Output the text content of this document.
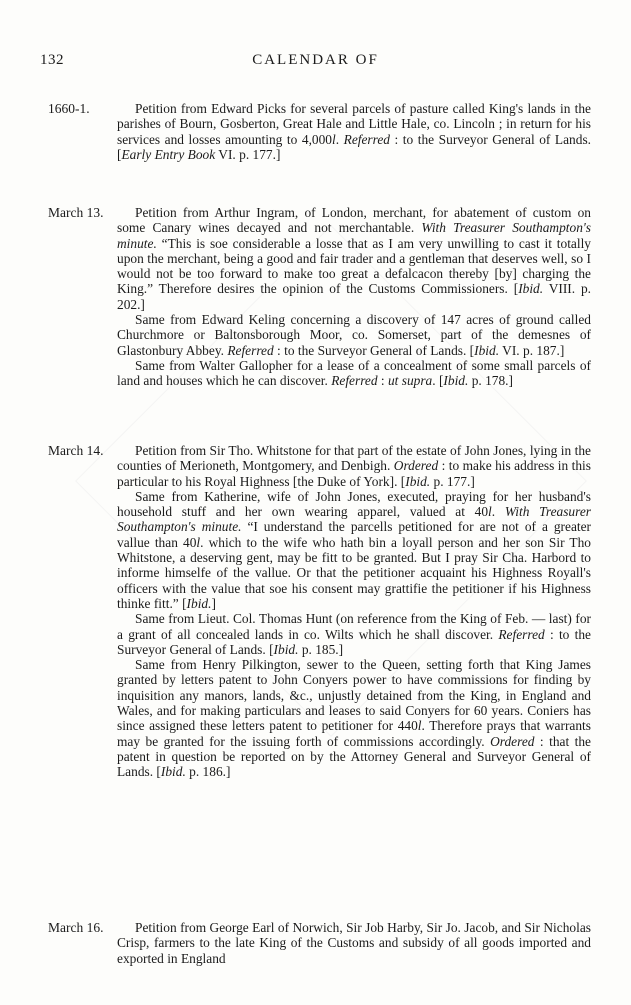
132	CALENDAR OF
1660-1.	Petition from Edward Picks for several parcels of pasture called King's lands in the parishes of Bourn, Gosberton, Great Hale and Little Hale, co. Lincoln ; in return for his services and losses amounting to 4,000l. Referred : to the Surveyor General of Lands. [Early Entry Book VI. p. 177.]

March 13.	Petition from Arthur Ingram, of London, merchant, for abatement of custom on some Canary wines decayed and not merchantable. With Treasurer Southampton's minute. “This is soe considerable a losse that as I am very unwilling to cast it totally upon the merchant, being a good and fair trader and a gentleman that deserves well, so I would not be too forward to make too great a defalcacon thereby [by] charging the King.” Therefore desires the opinion of the Customs Commissioners. [Ibid. VIII. p. 202.]

Same from Edward Keling concerning a discovery of 147 acres of ground called Churchmore or Baltonsborough Moor, co. Somerset, part of the demesnes of Glastonbury Abbey. Referred : to the Surveyor General of Lands. [Ibid. VI. p. 187.]

Same from Walter Gallopher for a lease of a concealment of some small parcels of land and houses which he can discover. Referred : ut supra. [Ibid. p. 178.]

March 14.	Petition from Sir Tho. Whitstone for that part of the estate of John Jones, lying in the counties of Merioneth, Montgomery, and Denbigh. Ordered : to make his address in this particular to his Royal Highness [the Duke of York]. [Ibid. p. 177.]

Same from Katherine, wife of John Jones, executed, praying for her husband's household stuff and her own wearing apparel, valued at 40l. With Treasurer Southampton's minute. “I understand the parcells petitioned for are not of a greater vallue than 40l. which to the wife who hath bin a loyall person and her son Sir Tho Whitstone, a deserving gent, may be fitt to be granted. But I pray Sir Cha. Harbord to informe himselfe of the vallue. Or that the petitioner acquaint his Highness Royall's officers with the value that soe his consent may grattifie the petitioner if his Highness thinke fitt.” [Ibid.]

Same from Lieut. Col. Thomas Hunt (on reference from the King of Feb. — last) for a grant of all concealed lands in co. Wilts which he shall discover. Referred : to the Surveyor General of Lands. [Ibid. p. 185.]

Same from Henry Pilkington, sewer to the Queen, setting forth that King James granted by letters patent to John Conyers power to have commissions for finding by inquisition any manors, lands, &c., unjustly detained from the King, in England and Wales, and for making particulars and leases to said Conyers for 60 years. Coniers has since assigned these letters patent to petitioner for 440l. Therefore prays that warrants may be granted for the issuing forth of commissions accordingly. Ordered : that the patent in question be reported on by the Attorney General and Surveyor General of Lands. [Ibid. p. 186.]

March 16.	Petition from George Earl of Norwich, Sir Job Harby, Sir Jo. Jacob, and Sir Nicholas Crisp, farmers to the late King of the Customs and subsidy of all goods imported and exported in England
